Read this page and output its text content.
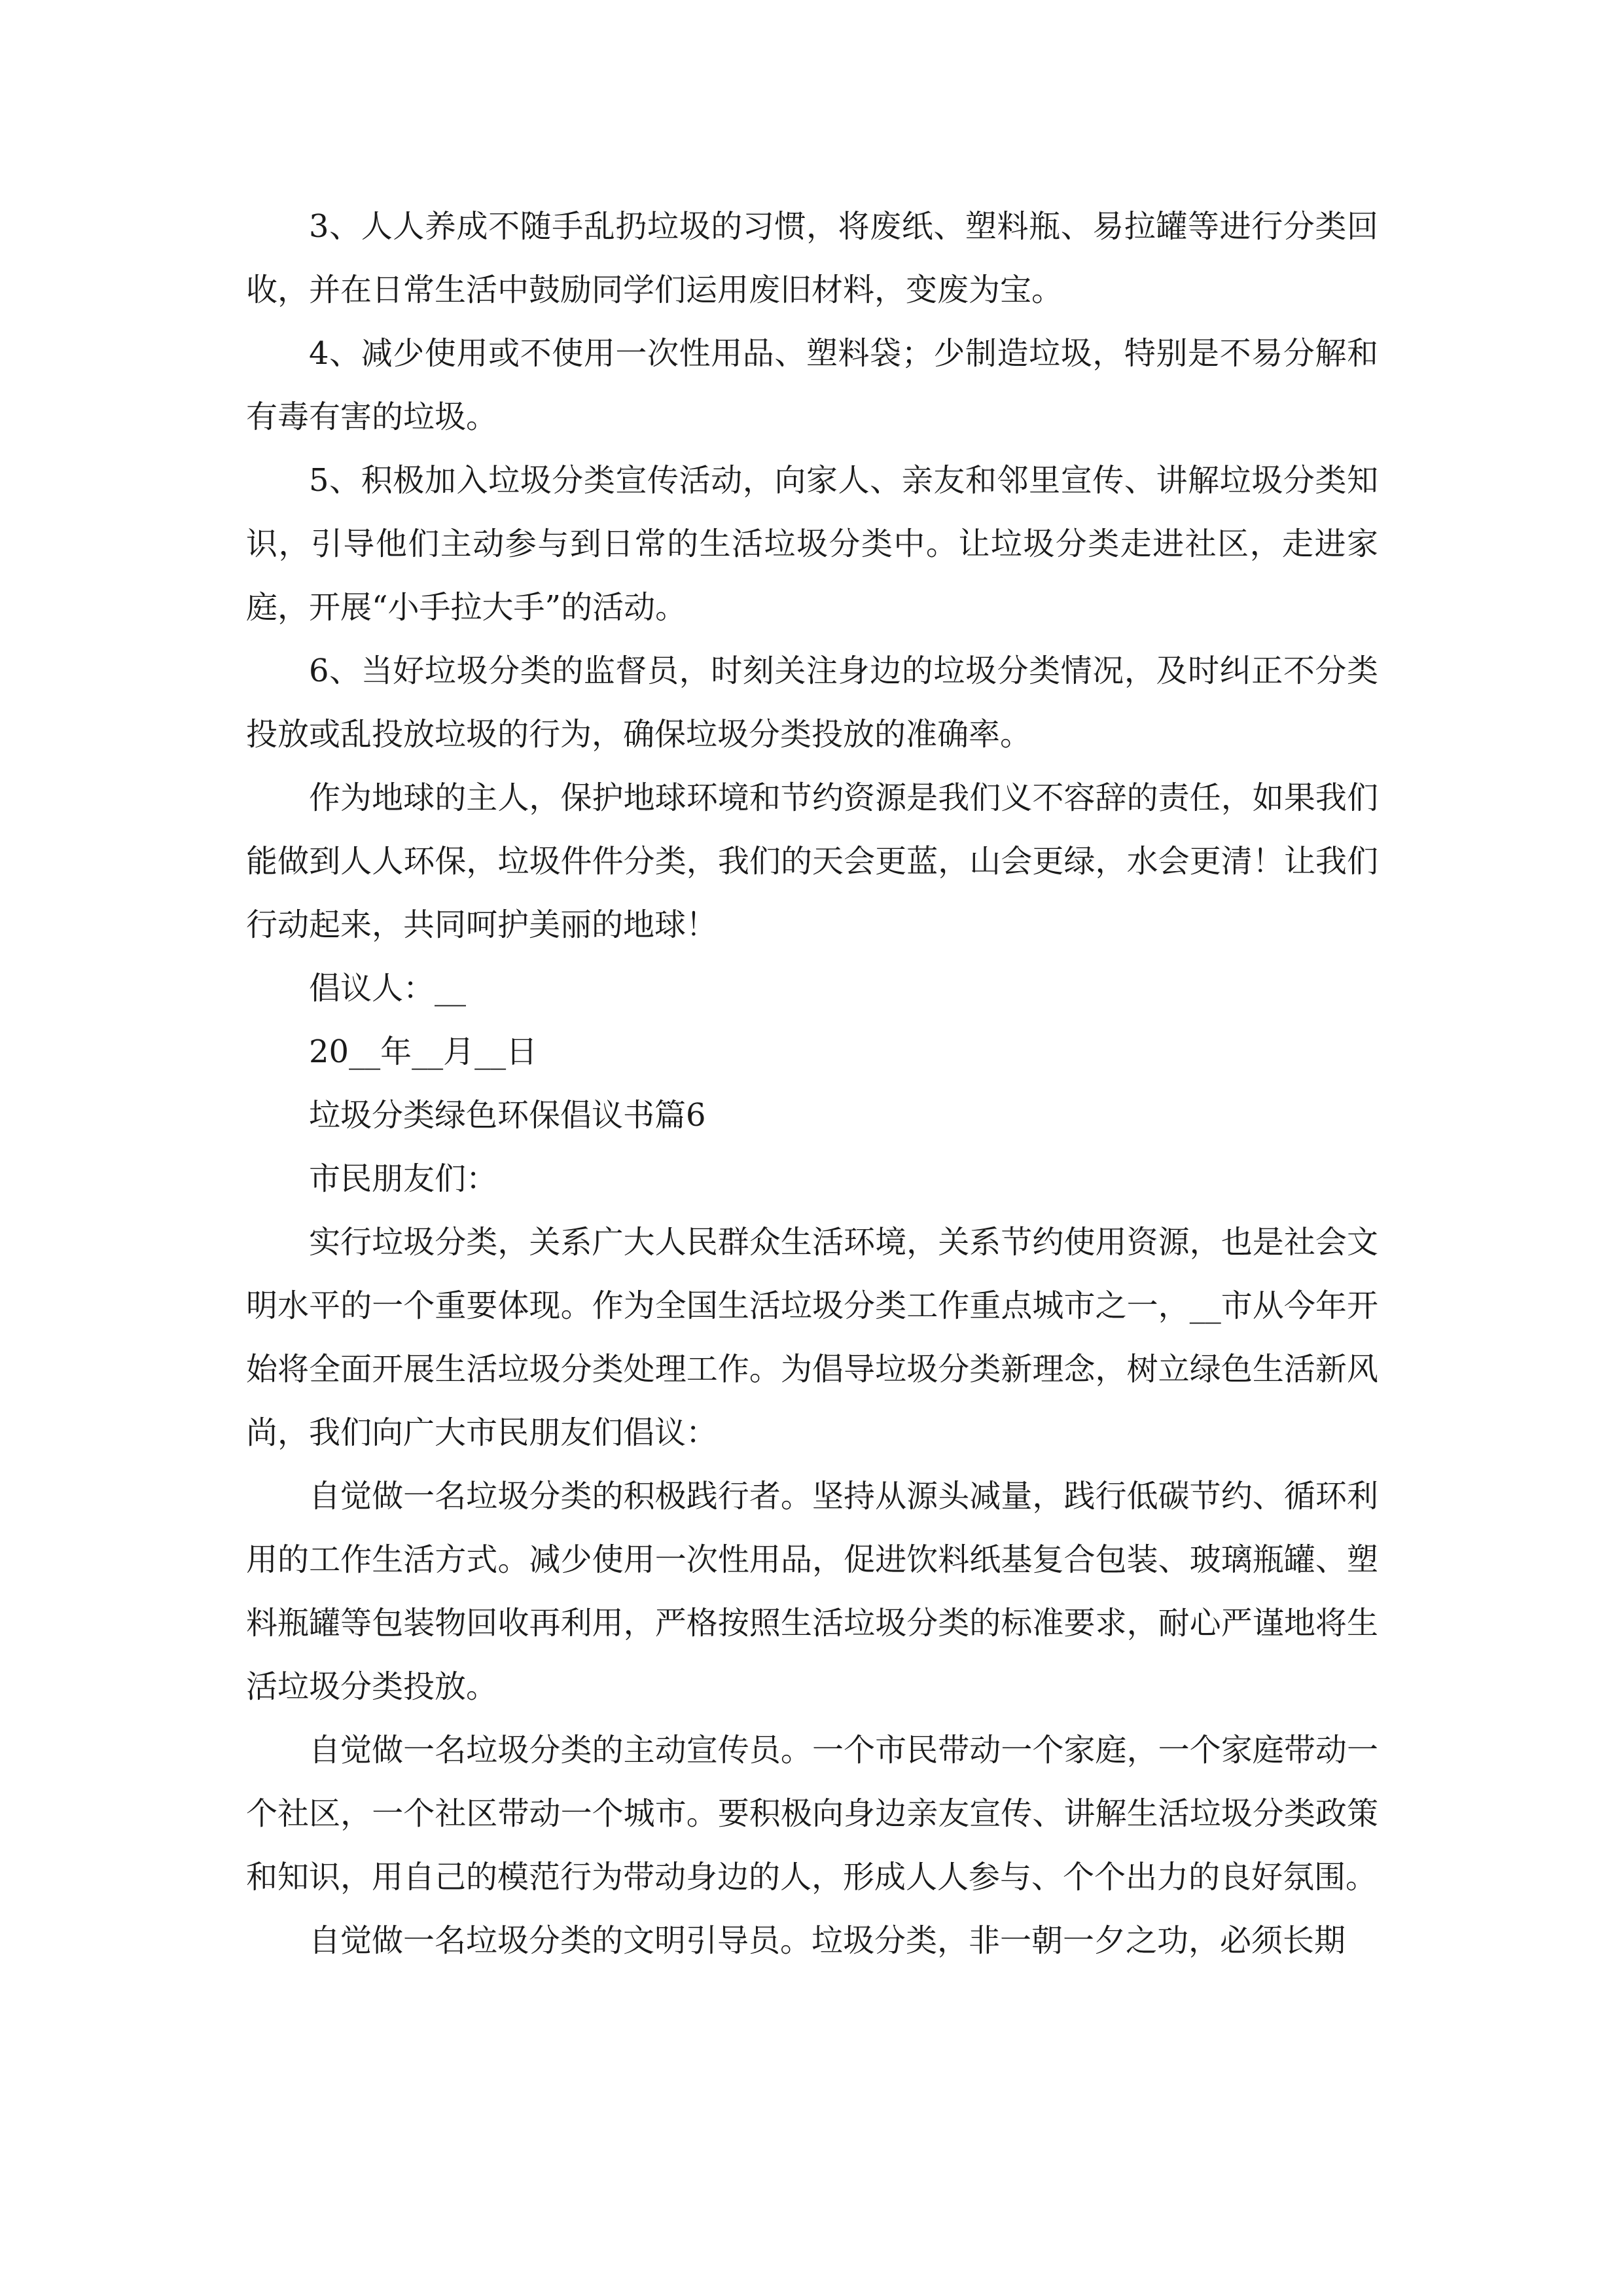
3、人人养成不随手乱扔垃圾的习惯，将废纸、塑料瓶、易拉罐等进行分类回收，并在日常生活中鼓励同学们运用废旧材料，变废为宝。

4、减少使用或不使用一次性用品、塑料袋；少制造垃圾，特别是不易分解和有毒有害的垃圾。

5、积极加入垃圾分类宣传活动，向家人、亲友和邻里宣传、讲解垃圾分类知识，引导他们主动参与到日常的生活垃圾分类中。让垃圾分类走进社区，走进家庭，开展“小手拉大手”的活动。

6、当好垃圾分类的监督员，时刻关注身边的垃圾分类情况，及时纠正不分类投放或乱投放垃圾的行为，确保垃圾分类投放的准确率。

作为地球的主人，保护地球环境和节约资源是我们义不容辞的责任，如果我们能做到人人环保，垃圾件件分类，我们的天会更蓝，山会更绿，水会更清！让我们行动起来，共同呵护美丽的地球！

倡议人：__

20__年__月__日

垃圾分类绿色环保倡议书篇6

市民朋友们：

实行垃圾分类，关系广大人民群众生活环境，关系节约使用资源，也是社会文明水平的一个重要体现。作为全国生活垃圾分类工作重点城市之一，__市从今年开始将全面开展生活垃圾分类处理工作。为倡导垃圾分类新理念，树立绿色生活新风尚，我们向广大市民朋友们倡议：

自觉做一名垃圾分类的积极践行者。坚持从源头减量，践行低碳节约、循环利用的工作生活方式。减少使用一次性用品，促进饮料纸基复合包装、玻璃瓶罐、塑料瓶罐等包装物回收再利用，严格按照生活垃圾分类的标准要求，耐心严谨地将生活垃圾分类投放。

自觉做一名垃圾分类的主动宣传员。一个市民带动一个家庭，一个家庭带动一个社区，一个社区带动一个城市。要积极向身边亲友宣传、讲解生活垃圾分类政策和知识，用自己的模范行为带动身边的人，形成人人参与、个个出力的良好氛围。

自觉做一名垃圾分类的文明引导员。垃圾分类，非一朝一夕之功，必须长期
